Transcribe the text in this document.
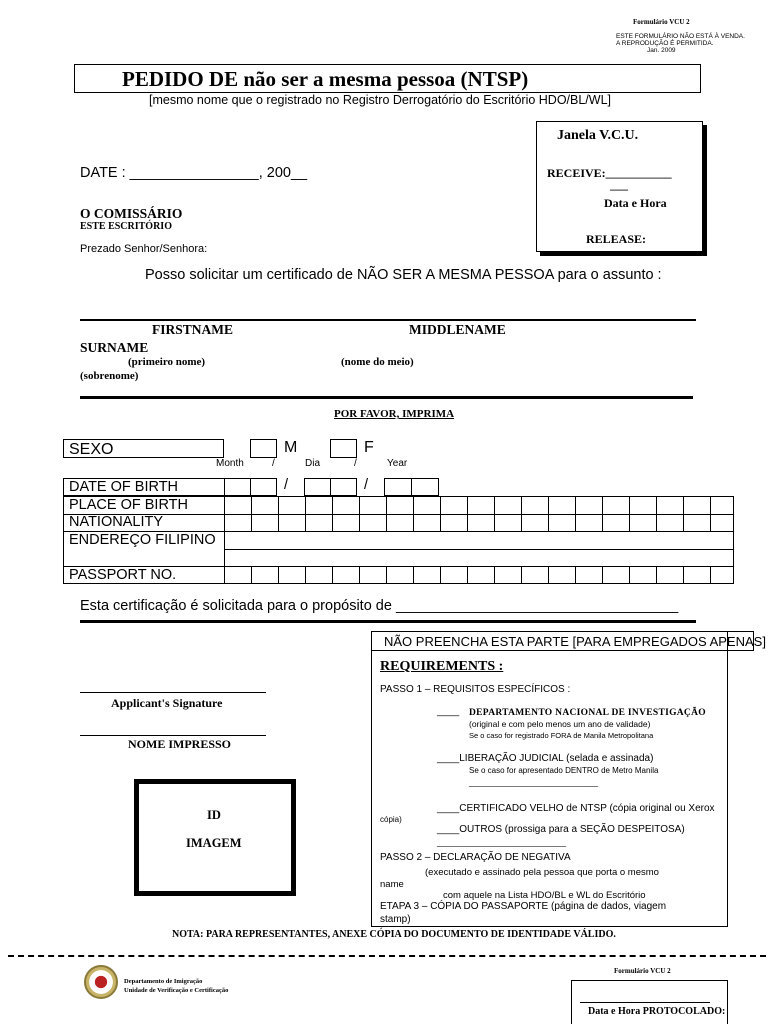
Formulário VCU 2
ESTE FORMULÁRIO NÃO ESTÁ À VENDA.
A REPRODUÇÃO É PERMITIDA.
Jan. 2009
PEDIDO DE não ser a mesma pessoa (NTSP)
[mesmo nome que o registrado no Registro Derrogatório do Escritório HDO/BL/WL]
Janela V.C.U.
RECEIVE:___________
___
Data e Hora
RELEASE:
DATE : ________________, 200__
O COMISSÁRIO
ESTE ESCRITÓRIO
Prezado Senhor/Senhora:
Posso solicitar um certificado de NÃO SER A MESMA PESSOA para o assunto :
FIRSTNAME	MIDDLENAME
SURNAME
(primeiro nome)	(nome do meio)
(sobrenome)
POR FAVOR, IMPRIMA
SEXO	M	F
Month	/	Dia	/	Year
DATE OF BIRTH	/	/
PLACE OF BIRTH
NATIONALITY
ENDEREÇO FILIPINO
PASSPORT NO.
Esta certificação é solicitada para o propósito de ___________________________________
Applicant's Signature
NOME IMPRESSO
ID
IMAGEM
NÃO PREENCHA ESTA PARTE [PARA EMPREGADOS APENAS]
REQUIREMENTS :
PASSO 1 – REQUISITOS ESPECÍFICOS :
____ DEPARTAMENTO NACIONAL DE INVESTIGAÇÃO
(original e com pelo menos um ano de validade)
Se o caso for registrado FORA de Manila Metropolitana
____LIBERAÇÃO JUDICIAL (selada e assinada)
Se o caso for apresentado DENTRO de Metro Manila
_____________________________
____CERTIFICADO VELHO de NTSP (cópia original ou Xerox
cópia)
____OUTROS (prossiga para a SEÇÃO DESPEITOSA)
_____________________________
PASSO 2 – DECLARAÇÃO DE NEGATIVA
(executado e assinado pela pessoa que porta o mesmo
name
com aquele na Lista HDO/BL e WL do Escritório
ETAPA 3 – CÓPIA DO PASSAPORTE (página de dados, viagem
stamp)
NOTA: PARA REPRESENTANTES, ANEXE CÓPIA DO DOCUMENTO DE IDENTIDADE VÁLIDO.
Departamento de Imigração
Unidade de Verificação e Certificação
Formulário VCU 2
Data e Hora PROTOCOLADO:
